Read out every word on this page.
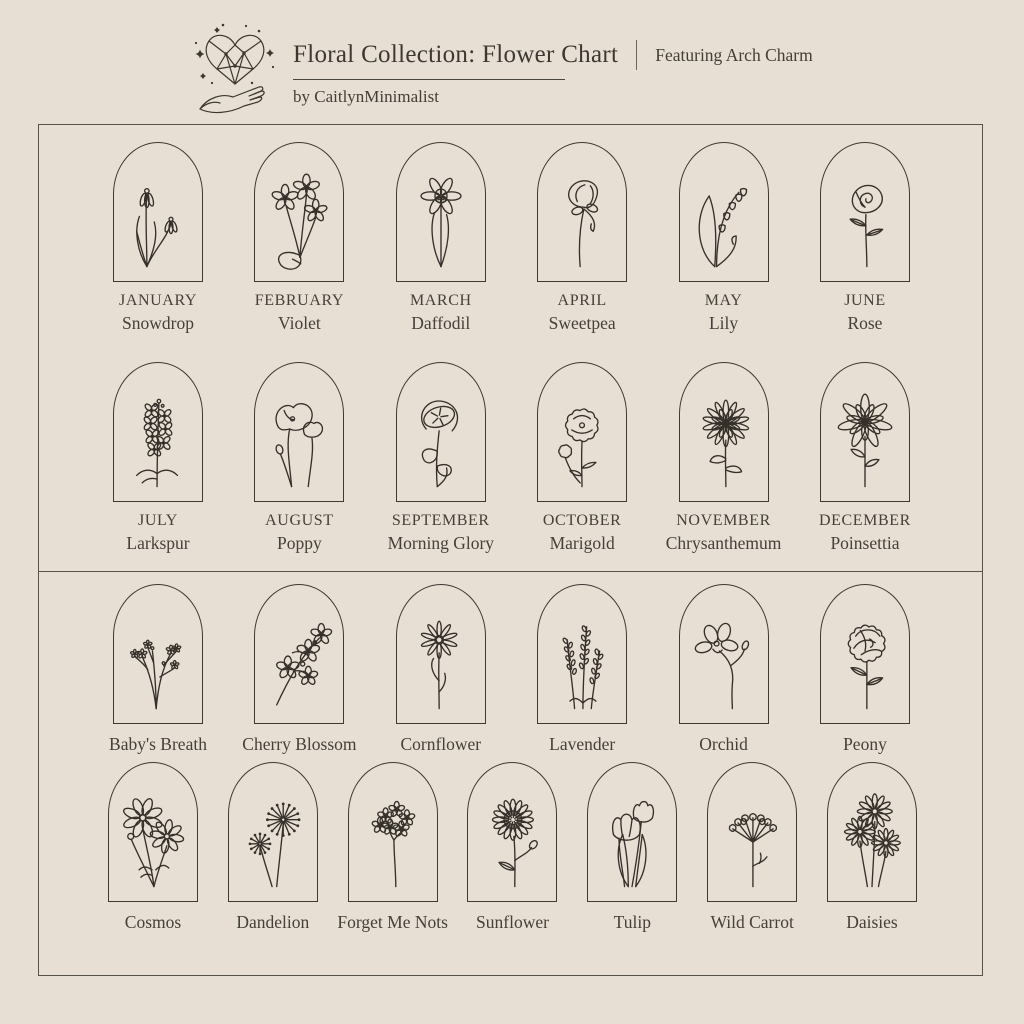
Floral Collection: Flower Chart Featuring Arch Charm
by CaitlynMinimalist
JANUARY
Snowdrop
FEBRUARY
Violet
MARCH
Daffodil
APRIL
Sweetpea
MAY
Lily
JUNE
Rose
JULY
Larkspur
AUGUST
Poppy
SEPTEMBER
Morning Glory
OCTOBER
Marigold
NOVEMBER
Chrysanthemum
DECEMBER
Poinsettia
Baby's Breath Cherry Blossom	Cornflower	Lavender	Orchid	Peony
Cosmos	Dandelion Forget Me Nots Sunflower	Tulip	Wild Carrot	Daisies
